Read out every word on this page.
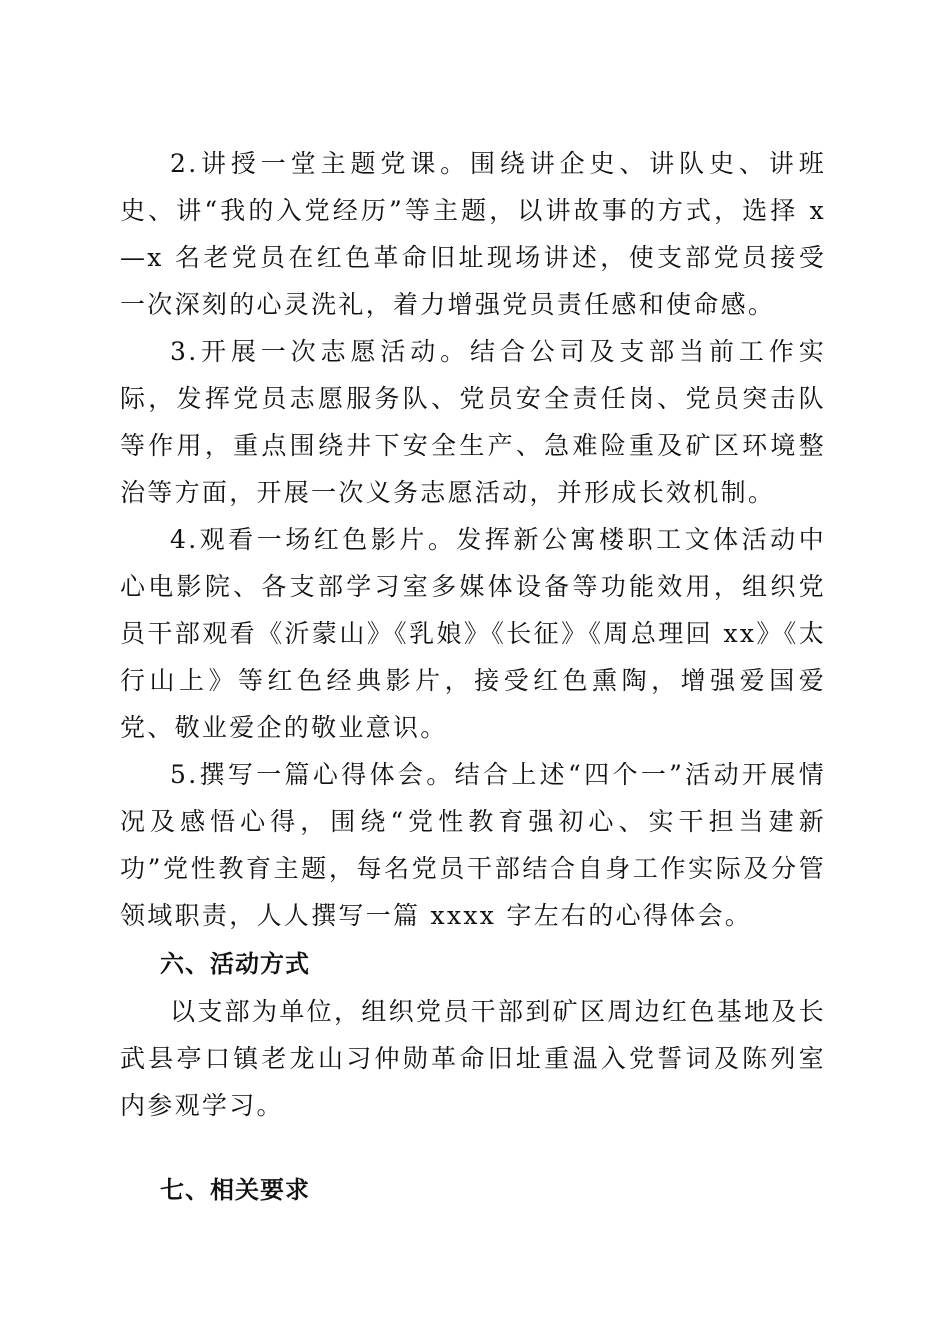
2.讲授一堂主题党课。围绕讲企史、讲队史、讲班史、讲“我的入党经历”等主题，以讲故事的方式，选择 x—x 名老党员在红色革命旧址现场讲述，使支部党员接受一次深刻的心灵洗礼，着力增强党员责任感和使命感。

3.开展一次志愿活动。结合公司及支部当前工作实际，发挥党员志愿服务队、党员安全责任岗、党员突击队等作用，重点围绕井下安全生产、急难险重及矿区环境整治等方面，开展一次义务志愿活动，并形成长效机制。

4.观看一场红色影片。发挥新公寓楼职工文体活动中心电影院、各支部学习室多媒体设备等功能效用，组织党员干部观看《沂蒙山》《乳娘》《长征》《周总理回 xx》《太行山上》等红色经典影片，接受红色熏陶，增强爱国爱党、敬业爱企的敬业意识。

5.撰写一篇心得体会。结合上述“四个一”活动开展情况及感悟心得，围绕“党性教育强初心、实干担当建新功”党性教育主题，每名党员干部结合自身工作实际及分管领域职责，人人撰写一篇 xxxx 字左右的心得体会。

六、活动方式

以支部为单位，组织党员干部到矿区周边红色基地及长武县亭口镇老龙山习仲勋革命旧址重温入党誓词及陈列室内参观学习。

七、相关要求
